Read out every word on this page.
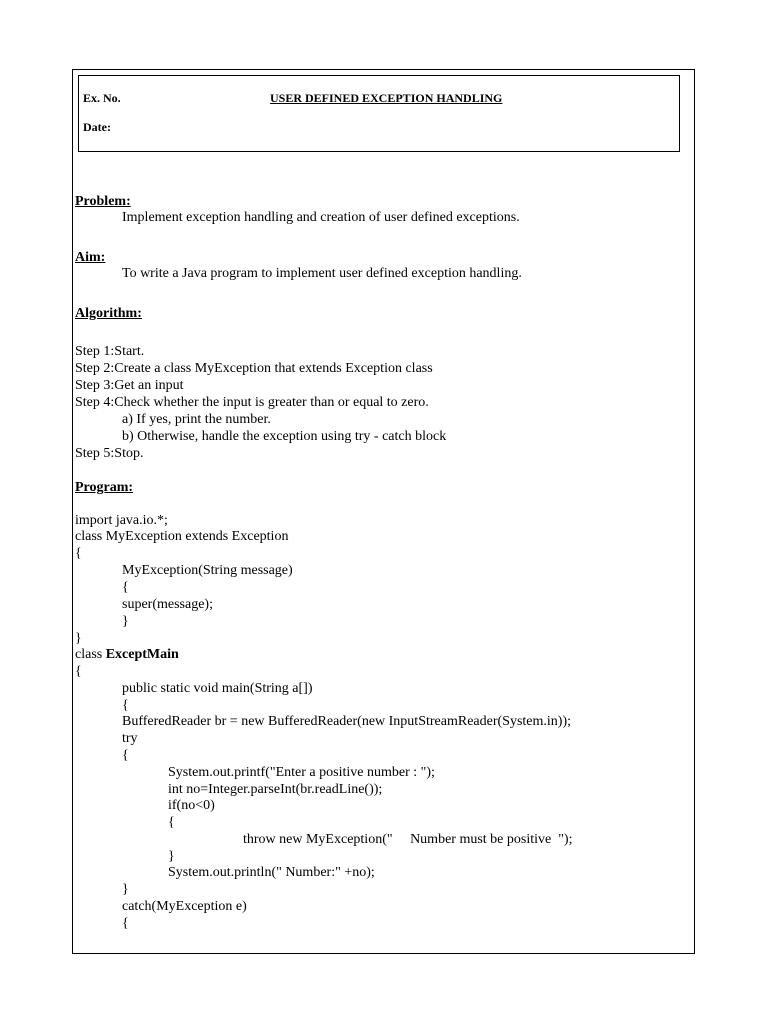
Ex. No.
Date:
USER DEFINED EXCEPTION HANDLING
Problem:
Implement exception handling and creation of user defined exceptions.
Aim:
To write a Java program to implement user defined exception handling.
Algorithm:
Step 1:Start.
Step 2:Create a class MyException that extends Exception class
Step 3:Get an input
Step 4:Check whether the input is greater than or equal to zero.
a) If yes, print the number.
b) Otherwise, handle the exception using try - catch block
Step 5:Stop.
Program:
import java.io.*;
class MyException extends Exception
{
MyException(String message)
{
super(message);
}
}
class ExceptMain
{
public static void main(String a[])
{
BufferedReader br = new BufferedReader(new InputStreamReader(System.in));
try
{
System.out.printf("Enter a positive number : ");
int no=Integer.parseInt(br.readLine());
if(no<0)
{
throw new MyException("     Number must be positive  ");
}
System.out.println(" Number:" +no);
}
catch(MyException e)
{
